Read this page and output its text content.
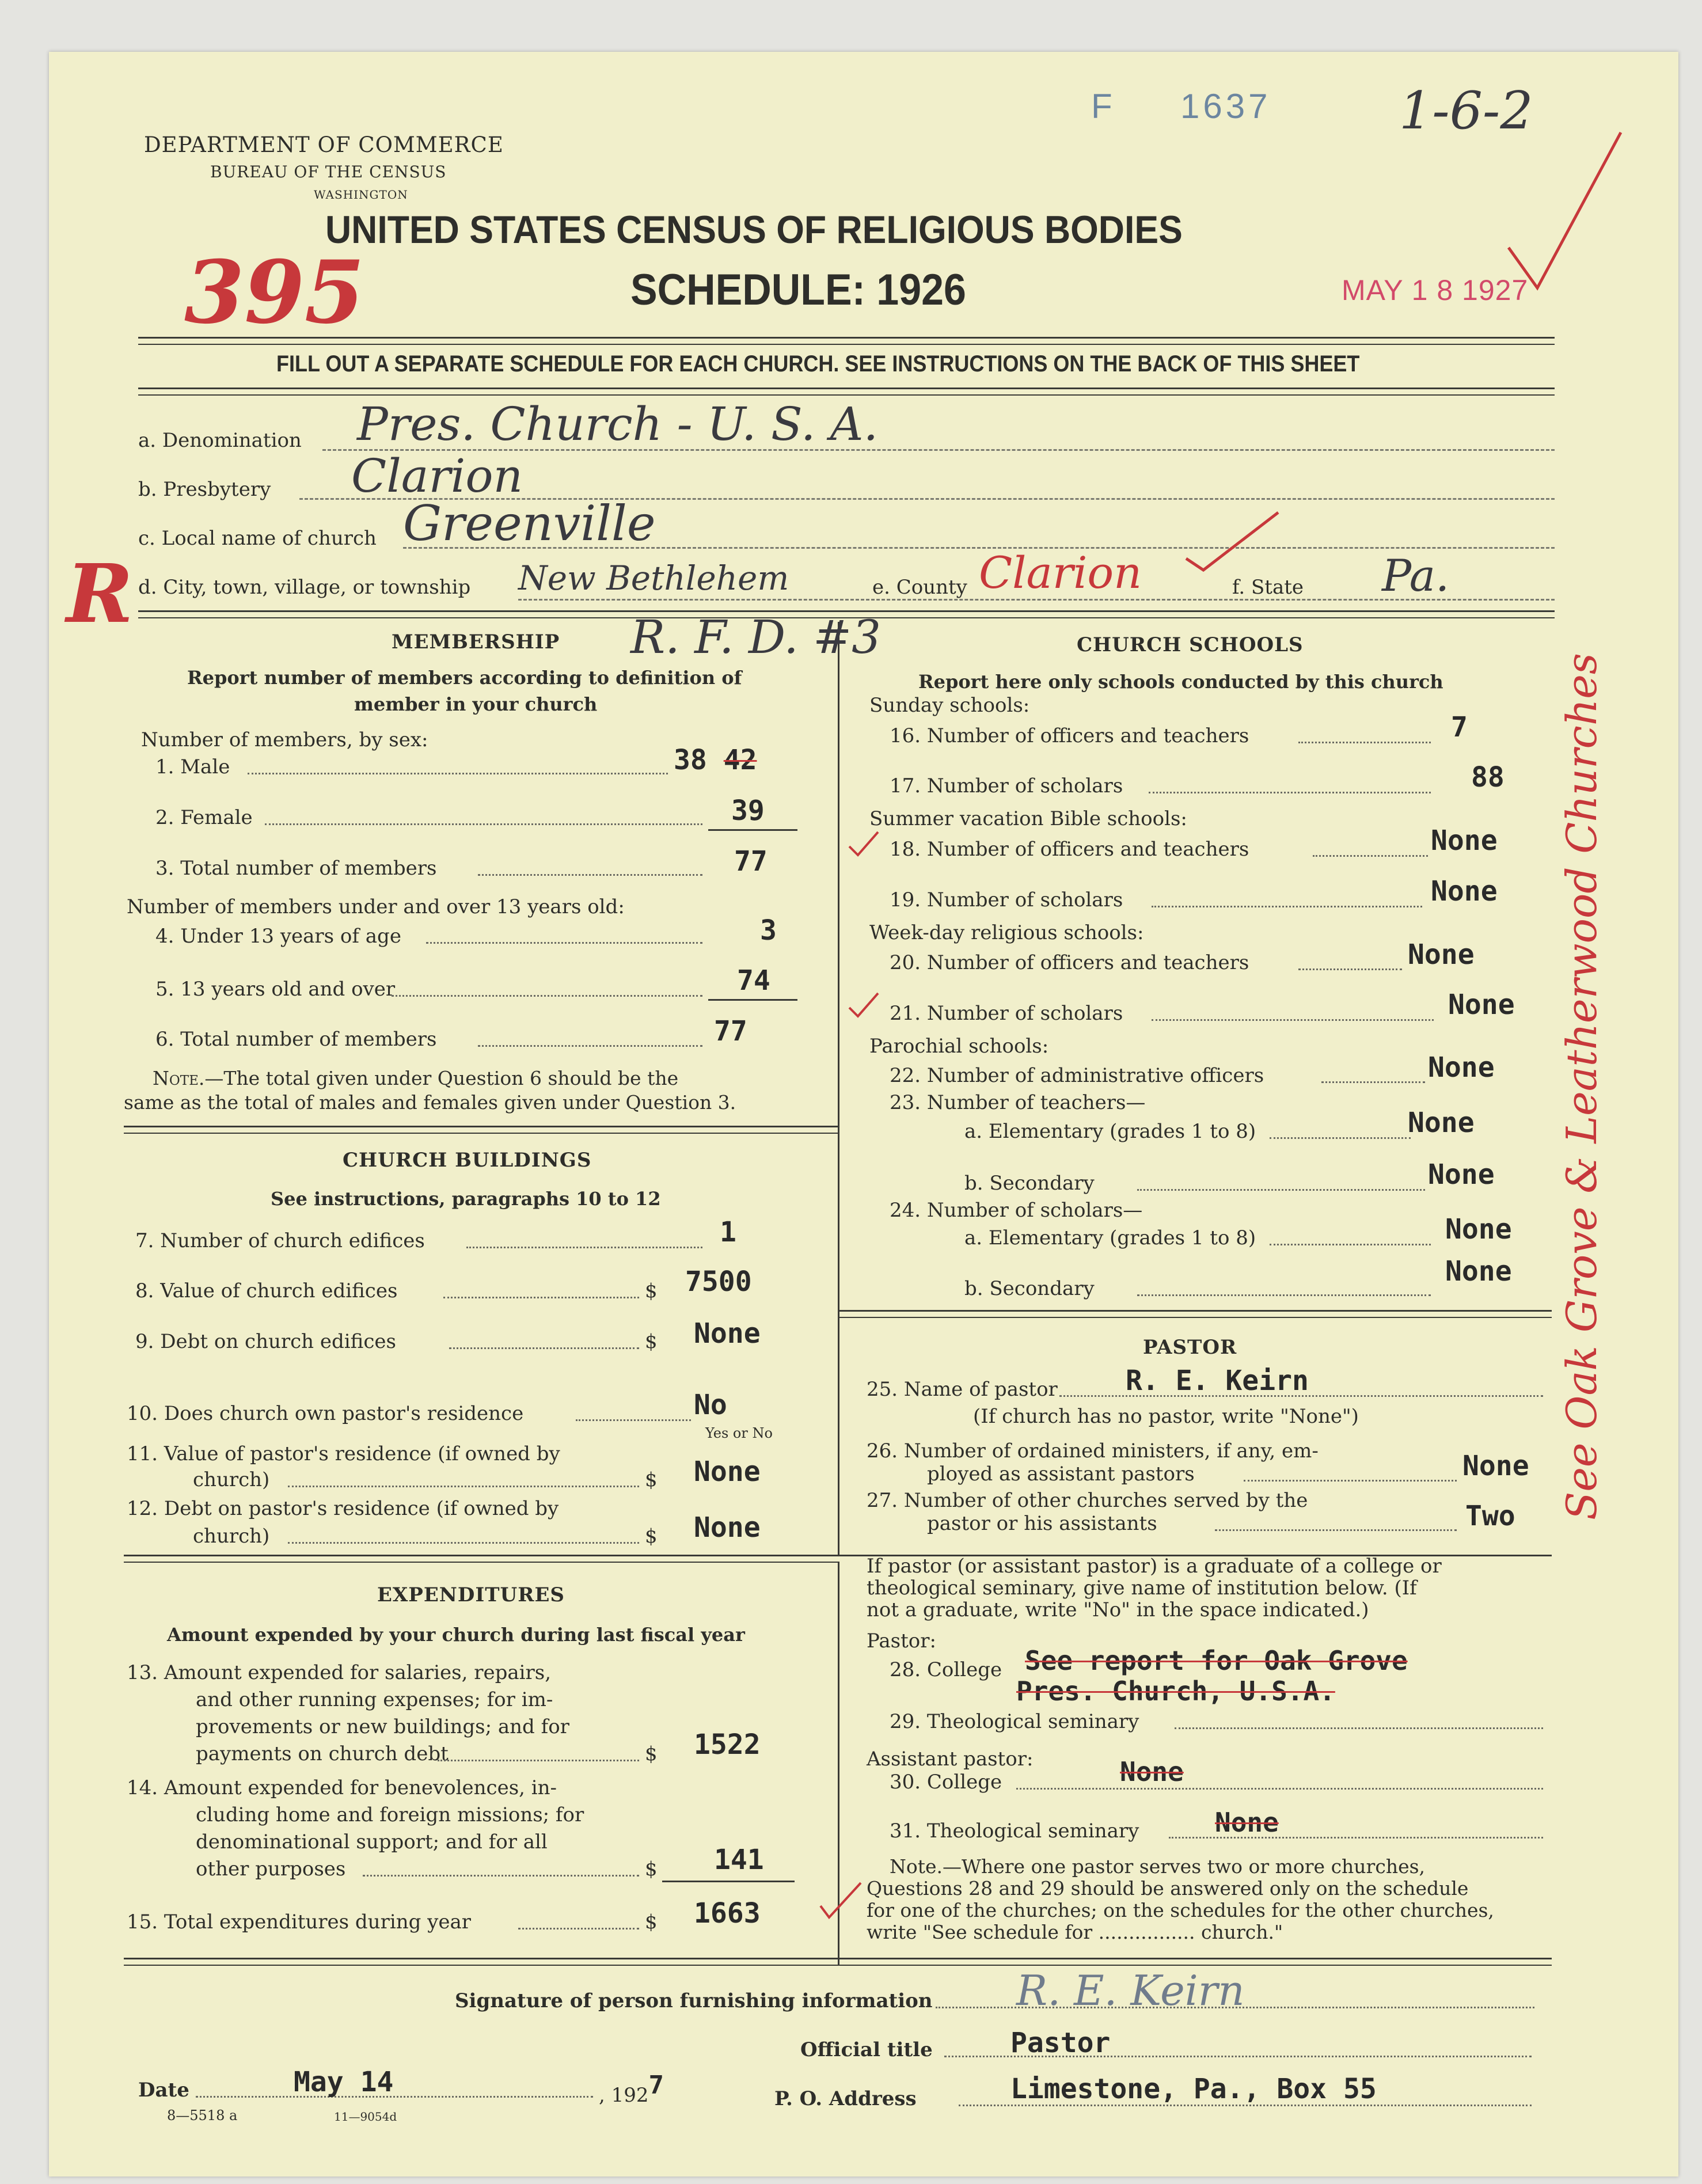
F 1637 1-6-2
395
R
MAY 1 8 1927
DEPARTMENT OF COMMERCE
BUREAU OF THE CENSUS
WASHINGTON
UNITED STATES CENSUS OF RELIGIOUS BODIES
SCHEDULE: 1926
FILL OUT A SEPARATE SCHEDULE FOR EACH CHURCH. SEE INSTRUCTIONS ON THE BACK OF THIS SHEET
a. Denomination Pres. Church - U. S. A.
b. Presbytery Clarion
c. Local name of church Greenville
d. City, town, village, or township New Bethlehem	e. County Clarion	f. State Pa.
MEMBERSHIP R. F. D. #3
Report number of members according to definition of
member in your church
Number of members, by sex:
1. Male	38 42
2. Female	39
3. Total number of members	77
Number of members under and over 13 years old:
4. Under 13 years of age	3
5. 13 years old and over	74
6. Total number of members	77
Note.—The total given under Question 6 should be the
same as the total of males and females given under Question 3.
CHURCH BUILDINGS
See instructions, paragraphs 10 to 12
7. Number of church edifices	1
8. Value of church edifices	$ 7500
9. Debt on church edifices	$ None
10. Does church own pastor's residence	No
Yes or No
11. Value of pastor's residence (if owned by
church)	$ None
12. Debt on pastor's residence (if owned by
church)	$ None
EXPENDITURES
Amount expended by your church during last fiscal year
13. Amount expended for salaries, repairs,
and other running expenses; for im-
provements or new buildings; and for
payments on church debt	$ 1522
14. Amount expended for benevolences, in-
cluding home and foreign missions; for
denominational support; and for all
other purposes	$ 141
15. Total expenditures during year	$ 1663
CHURCH SCHOOLS
Report here only schools conducted by this church
Sunday schools:
16. Number of officers and teachers	7
17. Number of scholars	88
Summer vacation Bible schools:
18. Number of officers and teachers	None
19. Number of scholars	None
Week-day religious schools:
20. Number of officers and teachers	None
21. Number of scholars	None
Parochial schools:
22. Number of administrative officers	None
23. Number of teachers—
a. Elementary (grades 1 to 8)	None
b. Secondary	None
24. Number of scholars—
a. Elementary (grades 1 to 8)	None
b. Secondary
None See Oak Grove & Leatherwood Churches
PASTOR
25. Name of pastor R. E. Keirn
(If church has no pastor, write "None")
26. Number of ordained ministers, if any, em-
ployed as assistant pastors	None
27. Number of other churches served by the
pastor or his assistants	Two
If pastor (or assistant pastor) is a graduate of a college or
theological seminary, give name of institution below. (If
not a graduate, write "No" in the space indicated.)
Pastor:
28. College See report for Oak Grove
Pres. Church, U.S.A.
29. Theological seminary
Assistant pastor:
30. College	None
31. Theological seminary	None
Note.—Where one pastor serves two or more churches,
Questions 28 and 29 should be answered only on the schedule
for one of the churches; on the schedules for the other churches,
write "See schedule for ................ church."
Signature of person furnishing information R. E. Keirn
Official title	Pastor
Date	May 14	, 1927	P. O. Address	Limestone, Pa., Box 55
8—5518 a	11—9054d
